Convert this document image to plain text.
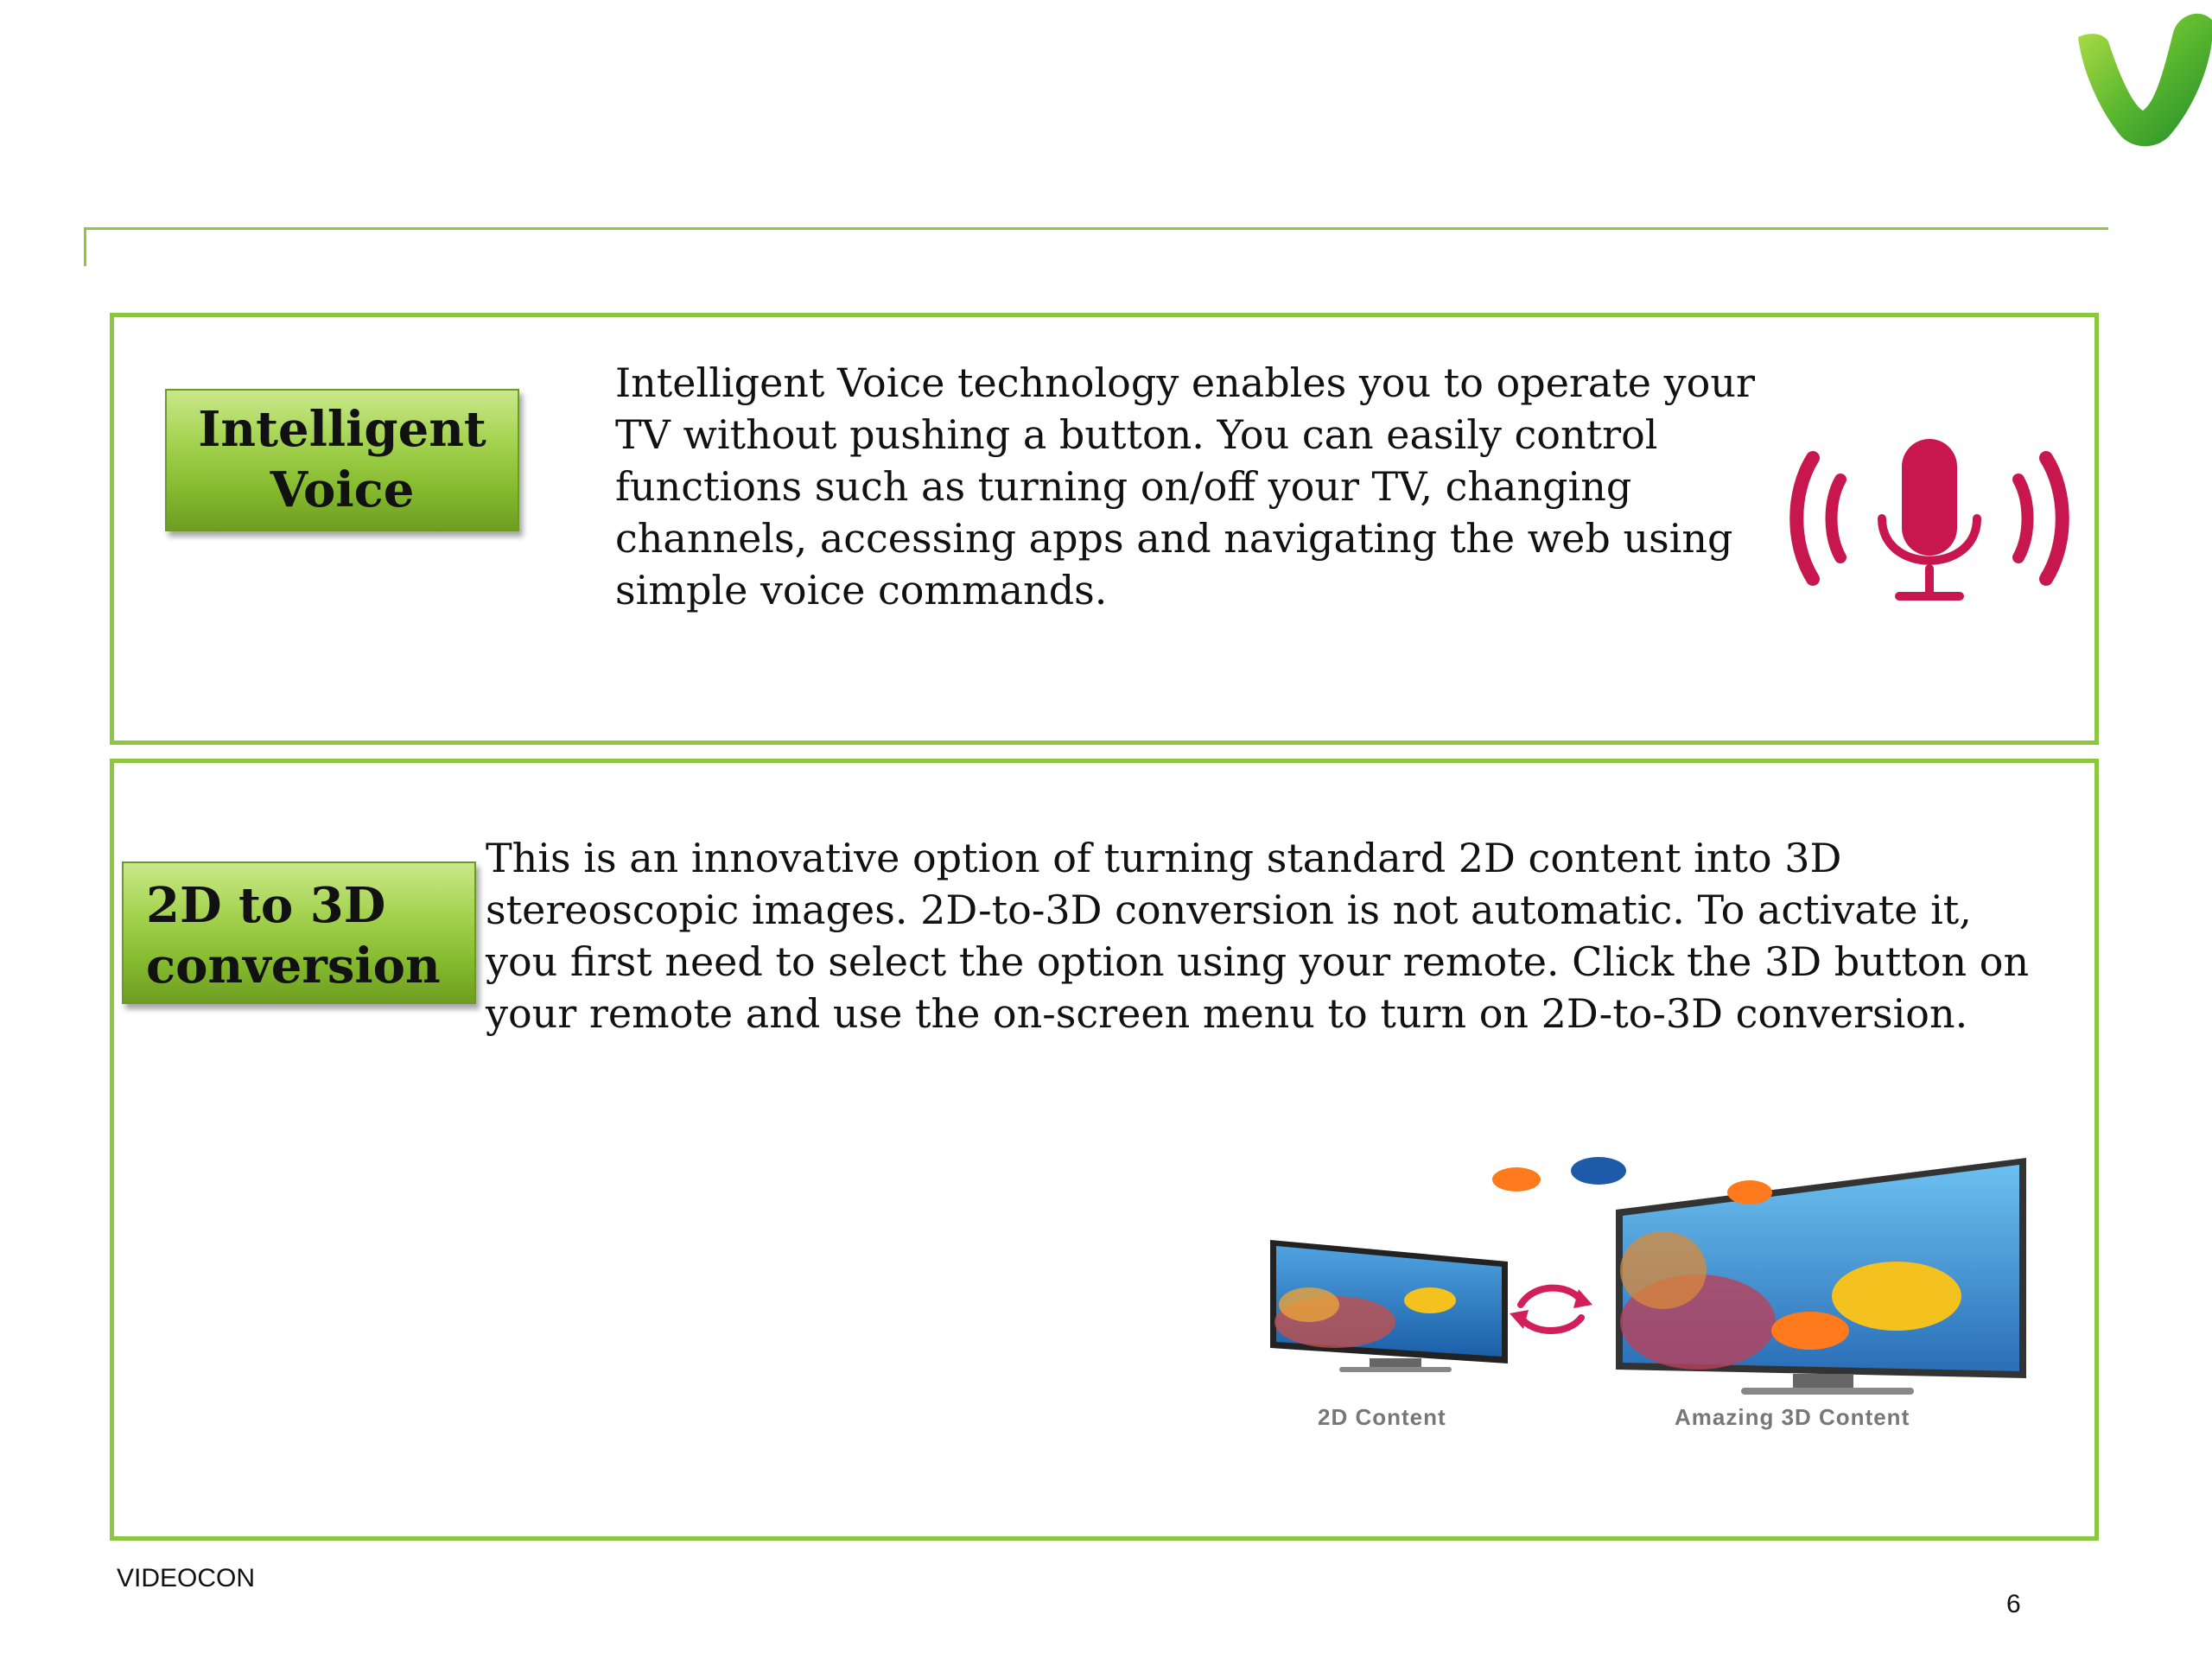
Intelligent
Voice
Intelligent Voice technology enables you to operate your TV without pushing a button. You can easily control functions such as turning on/off your TV, changing channels, accessing apps and navigating the web using simple voice commands.
2D to 3D
conversion
This is an innovative option of turning standard 2D content into 3D stereoscopic images. 2D-to-3D conversion is not automatic. To activate it, you first need to select the option using your remote. Click the 3D button on your remote and use the on-screen menu to turn on 2D-to-3D conversion.
2D Content	Amazing 3D Content
VIDEOCON
6
